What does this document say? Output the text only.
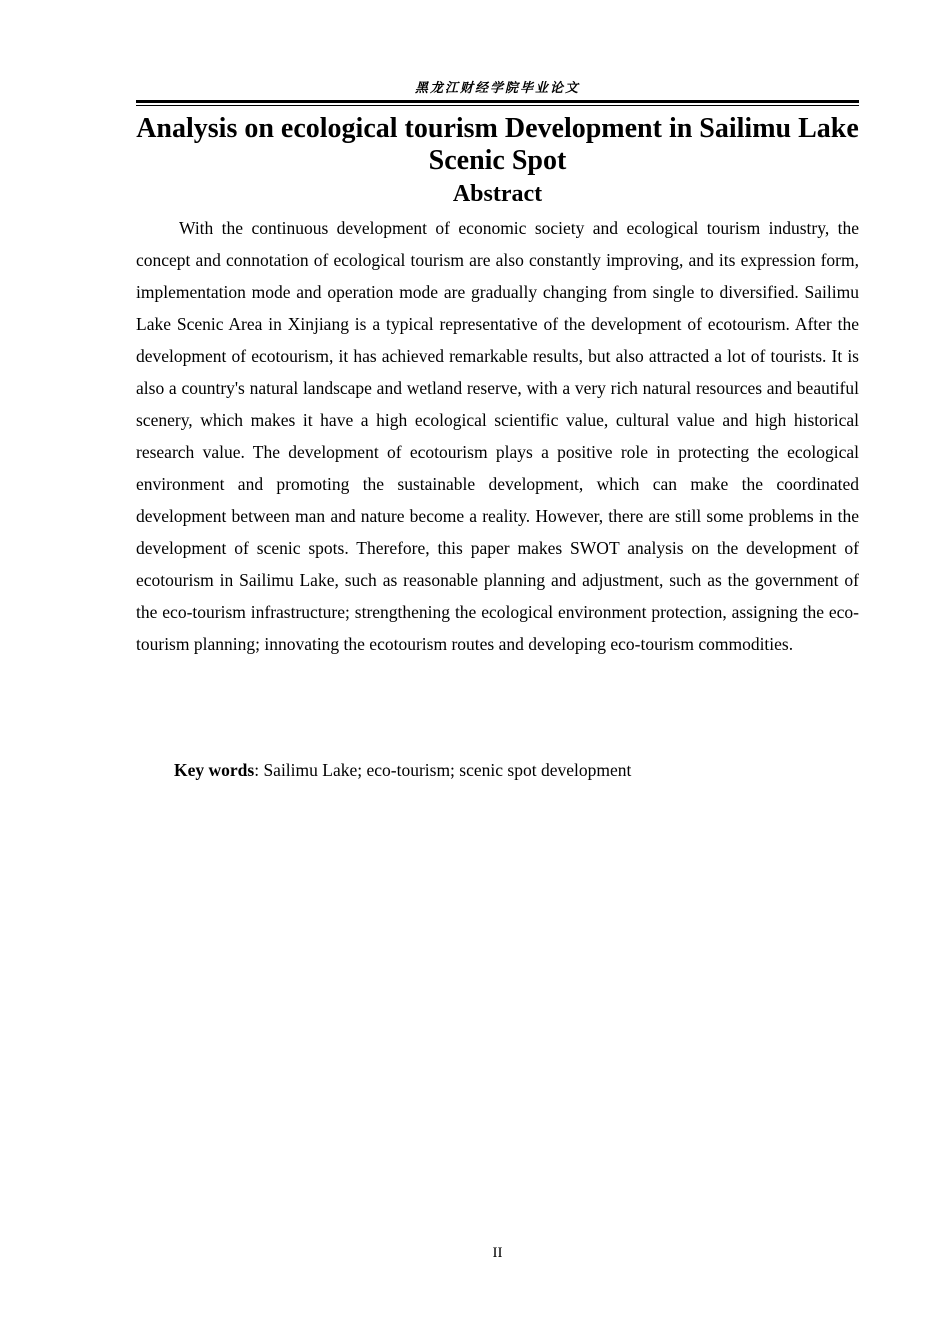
黑龙江财经学院毕业论文
Analysis on ecological tourism Development in Sailimu Lake Scenic Spot
Abstract

With the continuous development of economic society and ecological tourism industry, the concept and connotation of ecological tourism are also constantly improving, and its expression form, implementation mode and operation mode are gradually changing from single to diversified. Sailimu Lake Scenic Area in Xinjiang is a typical representative of the development of ecotourism. After the development of ecotourism, it has achieved remarkable results, but also attracted a lot of tourists. It is also a country's natural landscape and wetland reserve, with a very rich natural resources and beautiful scenery, which makes it have a high ecological scientific value, cultural value and high historical research value. The development of ecotourism plays a positive role in protecting the ecological environment and promoting the sustainable development, which can make the coordinated development between man and nature become a reality. However, there are still some problems in the development of scenic spots. Therefore, this paper makes SWOT analysis on the development of ecotourism in Sailimu Lake, such as reasonable planning and adjustment, such as the government of the eco-tourism infrastructure; strengthening the ecological environment protection, assigning the eco-tourism planning; innovating the ecotourism routes and developing eco-tourism commodities.

Key words: Sailimu Lake; eco-tourism; scenic spot development

II
